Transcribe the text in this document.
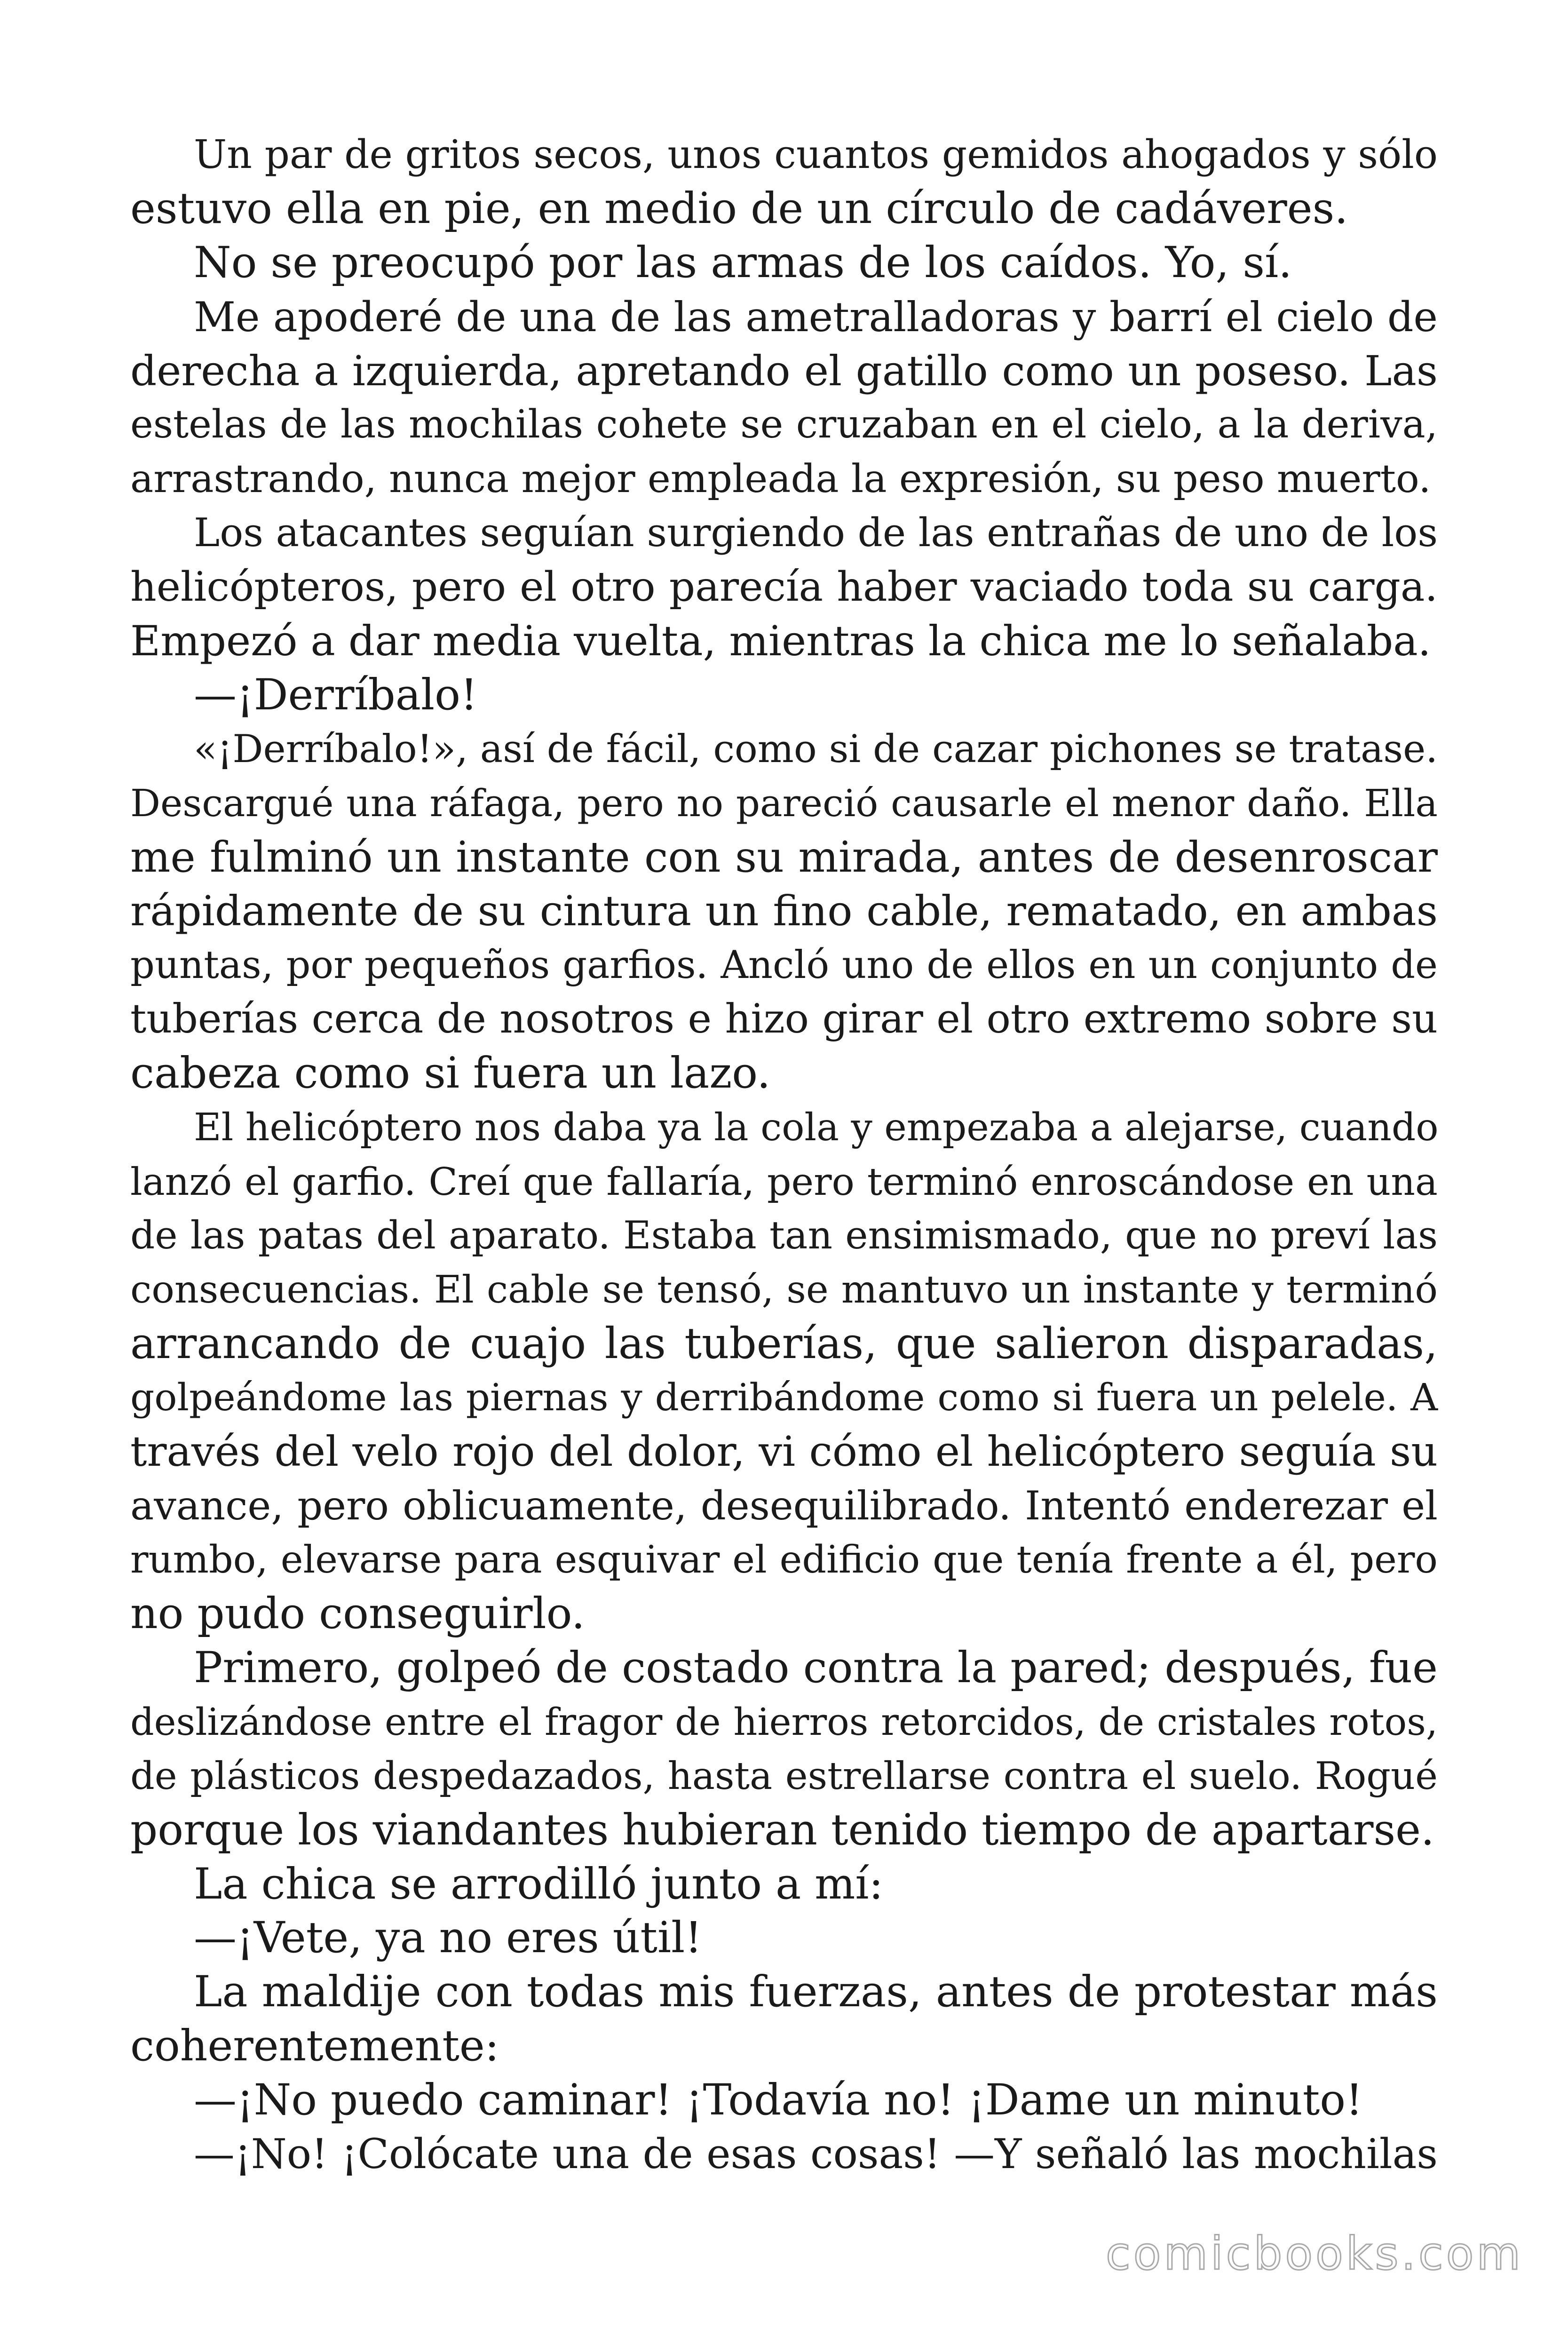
Un par de gritos secos, unos cuantos gemidos ahogados y sólo
estuvo ella en pie, en medio de un círculo de cadáveres.
No se preocupó por las armas de los caídos. Yo, sí.
Me apoderé de una de las ametralladoras y barrí el cielo de
derecha a izquierda, apretando el gatillo como un poseso. Las
estelas de las mochilas cohete se cruzaban en el cielo, a la deriva,
arrastrando, nunca mejor empleada la expresión, su peso muerto.
Los atacantes seguían surgiendo de las entrañas de uno de los
helicópteros, pero el otro parecía haber vaciado toda su carga.
Empezó a dar media vuelta, mientras la chica me lo señalaba.
—¡Derríbalo!
«¡Derríbalo!», así de fácil, como si de cazar pichones se tratase.
Descargué una ráfaga, pero no pareció causarle el menor daño. Ella
me fulminó un instante con su mirada, antes de desenroscar
rápidamente de su cintura un fino cable, rematado, en ambas
puntas, por pequeños garfios. Ancló uno de ellos en un conjunto de
tuberías cerca de nosotros e hizo girar el otro extremo sobre su
cabeza como si fuera un lazo.
El helicóptero nos daba ya la cola y empezaba a alejarse, cuando
lanzó el garfio. Creí que fallaría, pero terminó enroscándose en una
de las patas del aparato. Estaba tan ensimismado, que no preví las
consecuencias. El cable se tensó, se mantuvo un instante y terminó
arrancando de cuajo las tuberías, que salieron disparadas,
golpeándome las piernas y derribándome como si fuera un pelele. A
través del velo rojo del dolor, vi cómo el helicóptero seguía su
avance, pero oblicuamente, desequilibrado. Intentó enderezar el
rumbo, elevarse para esquivar el edificio que tenía frente a él, pero
no pudo conseguirlo.
Primero, golpeó de costado contra la pared; después, fue
deslizándose entre el fragor de hierros retorcidos, de cristales rotos,
de plásticos despedazados, hasta estrellarse contra el suelo. Rogué
porque los viandantes hubieran tenido tiempo de apartarse.
La chica se arrodilló junto a mí:
—¡Vete, ya no eres útil!
La maldije con todas mis fuerzas, antes de protestar más
coherentemente:
—¡No puedo caminar! ¡Todavía no! ¡Dame un minuto!
—¡No! ¡Colócate una de esas cosas! —Y señaló las mochilas
comicbooks.com
